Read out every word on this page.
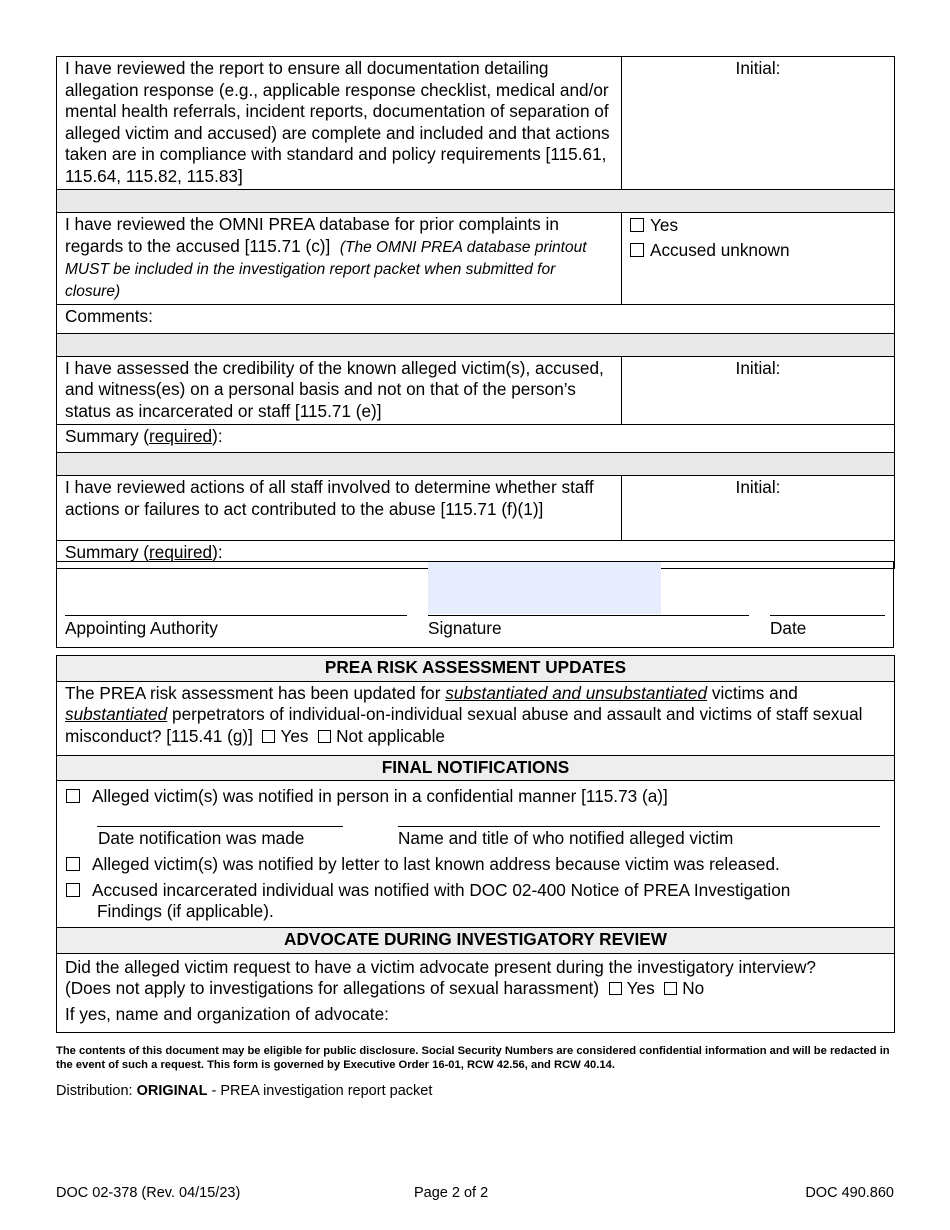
I have reviewed the report to ensure all documentation detailing allegation response (e.g., applicable response checklist, medical and/or mental health referrals, incident reports, documentation of separation of alleged victim and accused) are complete and included and that actions taken are in compliance with standard and policy requirements [115.61, 115.64, 115.82, 115.83]	Initial:

I have reviewed the OMNI PREA database for prior complaints in regards to the accused [115.71 (c)] (The OMNI PREA database printout MUST be included in the investigation report packet when submitted for closure)	Yes
Accused unknown

Comments:	

I have assessed the credibility of the known alleged victim(s), accused, and witness(es) on a personal basis and not on that of the person’s status as incarcerated or staff [115.71 (e)]	Initial:
Summary (required):	

I have reviewed actions of all staff involved to determine whether staff actions or failures to act contributed to the abuse [115.71 (f)(1)]	Initial:
Summary (required):	
Appointing Authority	Signature	Date
PREA RISK ASSESSMENT UPDATES
The PREA risk assessment has been updated for substantiated and unsubstantiated victims and substantiated perpetrators of individual-on-individual sexual abuse and assault and victims of staff sexual misconduct? [115.41 (g)] Yes Not applicable
FINAL NOTIFICATIONS

Alleged victim(s) was notified in person in a confidential manner [115.73 (a)]
Date notification was made	Name and title of who notified alleged victim
Alleged victim(s) was notified by letter to last known address because victim was released.
Accused incarcerated individual was notified with DOC 02-400 Notice of PREA Investigation
Findings (if applicable).

ADVOCATE DURING INVESTIGATORY REVIEW

Did the alleged victim request to have a victim advocate present during the investigatory interview?
(Does not apply to investigations for allegations of sexual harassment) Yes No
If yes, name and organization of advocate:
The contents of this document may be eligible for public disclosure. Social Security Numbers are considered confidential information and will be redacted in the event of such a request. This form is governed by Executive Order 16-01, RCW 42.56, and RCW 40.14.
Distribution: ORIGINAL - PREA investigation report packet
DOC 02-378 (Rev. 04/15/23)	Page 2 of 2	DOC 490.860
